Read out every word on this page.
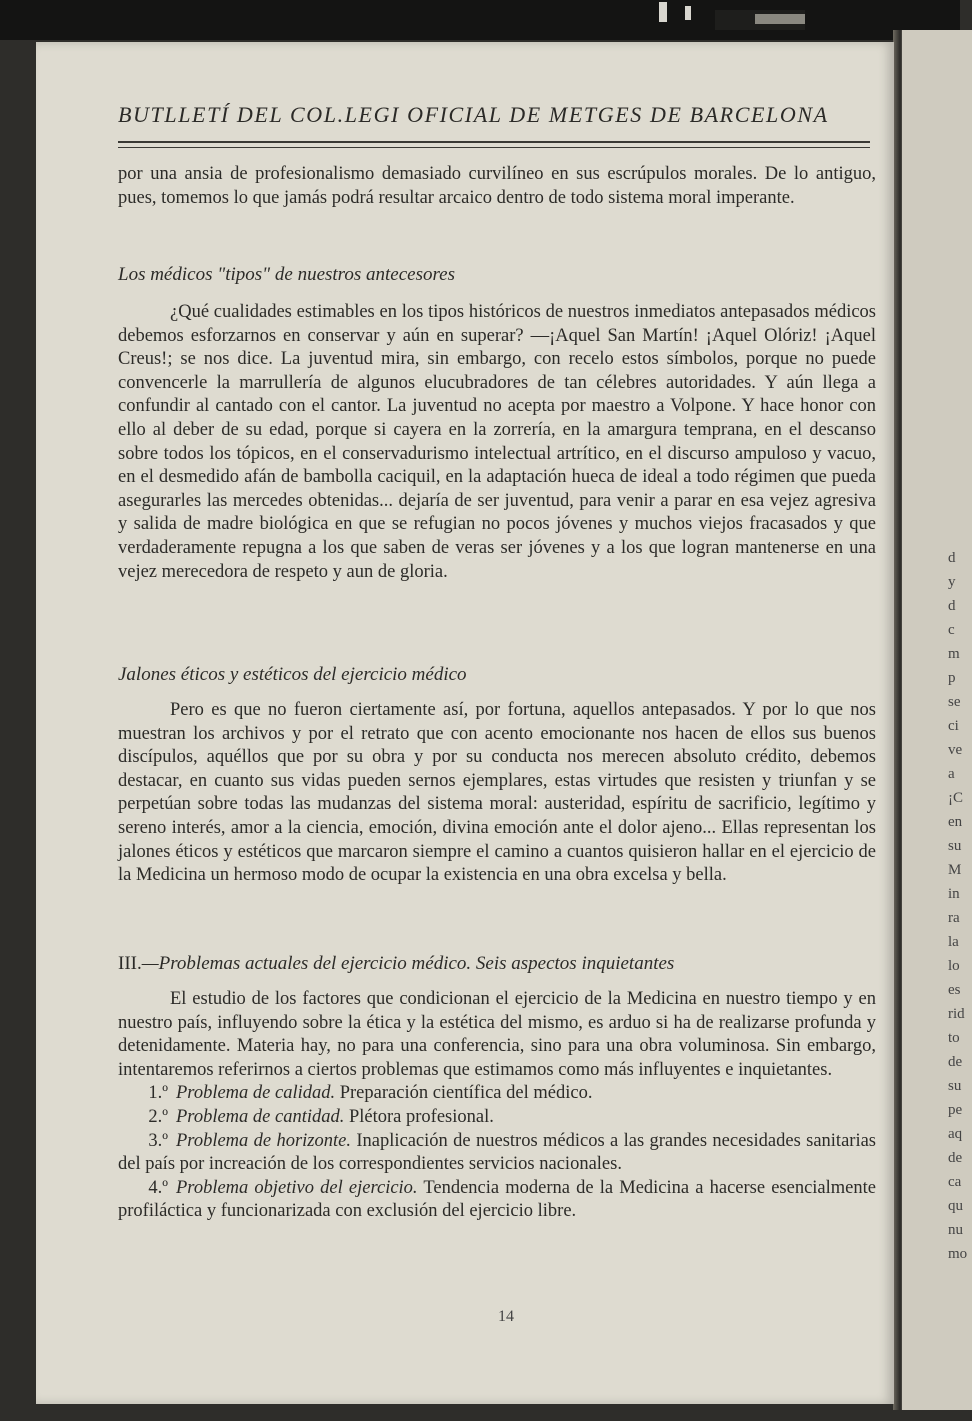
d
y
d
c
m
p
se
ci
ve
a
¡C
en
su
M
in
ra
la
lo
es
rid
to
de
su
pe
aq
de
ca
qu
nu
mo
BUTLLETÍ DEL COL.LEGI OFICIAL DE METGES DE BARCELONA

por una ansia de profesionalismo demasiado curvilíneo en sus escrúpulos morales. De lo antiguo, pues, tomemos lo que jamás podrá resultar arcaico dentro de todo sistema moral imperante.

Los médicos "tipos" de nuestros antecesores

¿Qué cualidades estimables en los tipos históricos de nuestros inmediatos antepasados médicos debemos esforzarnos en conservar y aún en superar? —¡Aquel San Martín! ¡Aquel Olóriz! ¡Aquel Creus!; se nos dice. La juventud mira, sin embargo, con recelo estos símbolos, porque no puede convencerle la marrullería de algunos elucubradores de tan célebres autoridades. Y aún llega a confundir al cantado con el cantor. La juventud no acepta por maestro a Volpone. Y hace honor con ello al deber de su edad, porque si cayera en la zorrería, en la amargura temprana, en el descanso sobre todos los tópicos, en el conservadurismo intelectual artrítico, en el discurso ampuloso y vacuo, en el desmedido afán de bambolla caciquil, en la adaptación hueca de ideal a todo régimen que pueda asegurarles las mercedes obtenidas... dejaría de ser juventud, para venir a parar en esa vejez agresiva y salida de madre biológica en que se refugian no pocos jóvenes y muchos viejos fracasados y que verdaderamente repugna a los que saben de veras ser jóvenes y a los que logran mantenerse en una vejez merecedora de respeto y aun de gloria.

Jalones éticos y estéticos del ejercicio médico

Pero es que no fueron ciertamente así, por fortuna, aquellos antepasados. Y por lo que nos muestran los archivos y por el retrato que con acento emocionante nos hacen de ellos sus buenos discípulos, aquéllos que por su obra y por su conducta nos merecen absoluto crédito, debemos destacar, en cuanto sus vidas pueden sernos ejemplares, estas virtudes que resisten y triunfan y se perpetúan sobre todas las mudanzas del sistema moral: austeridad, espíritu de sacrificio, legítimo y sereno interés, amor a la ciencia, emoción, divina emoción ante el dolor ajeno... Ellas representan los jalones éticos y estéticos que marcaron siempre el camino a cuantos quisieron hallar en el ejercicio de la Medicina un hermoso modo de ocupar la existencia en una obra excelsa y bella.

III.—Problemas actuales del ejercicio médico. Seis aspectos inquietantes

El estudio de los factores que condicionan el ejercicio de la Medicina en nuestro tiempo y en nuestro país, influyendo sobre la ética y la estética del mismo, es arduo si ha de realizarse profunda y detenidamente. Materia hay, no para una conferencia, sino para una obra voluminosa. Sin embargo, intentaremos referirnos a ciertos problemas que estimamos como más influyentes e inquietantes.

1.º Problema de calidad. Preparación científica del médico.

2.º Problema de cantidad. Plétora profesional.

3.º Problema de horizonte. Inaplicación de nuestros médicos a las grandes necesidades sanitarias del país por increación de los correspondientes servicios nacionales.

4.º Problema objetivo del ejercicio. Tendencia moderna de la Medicina a hacerse esencialmente profiláctica y funcionarizada con exclusión del ejercicio libre.

14
